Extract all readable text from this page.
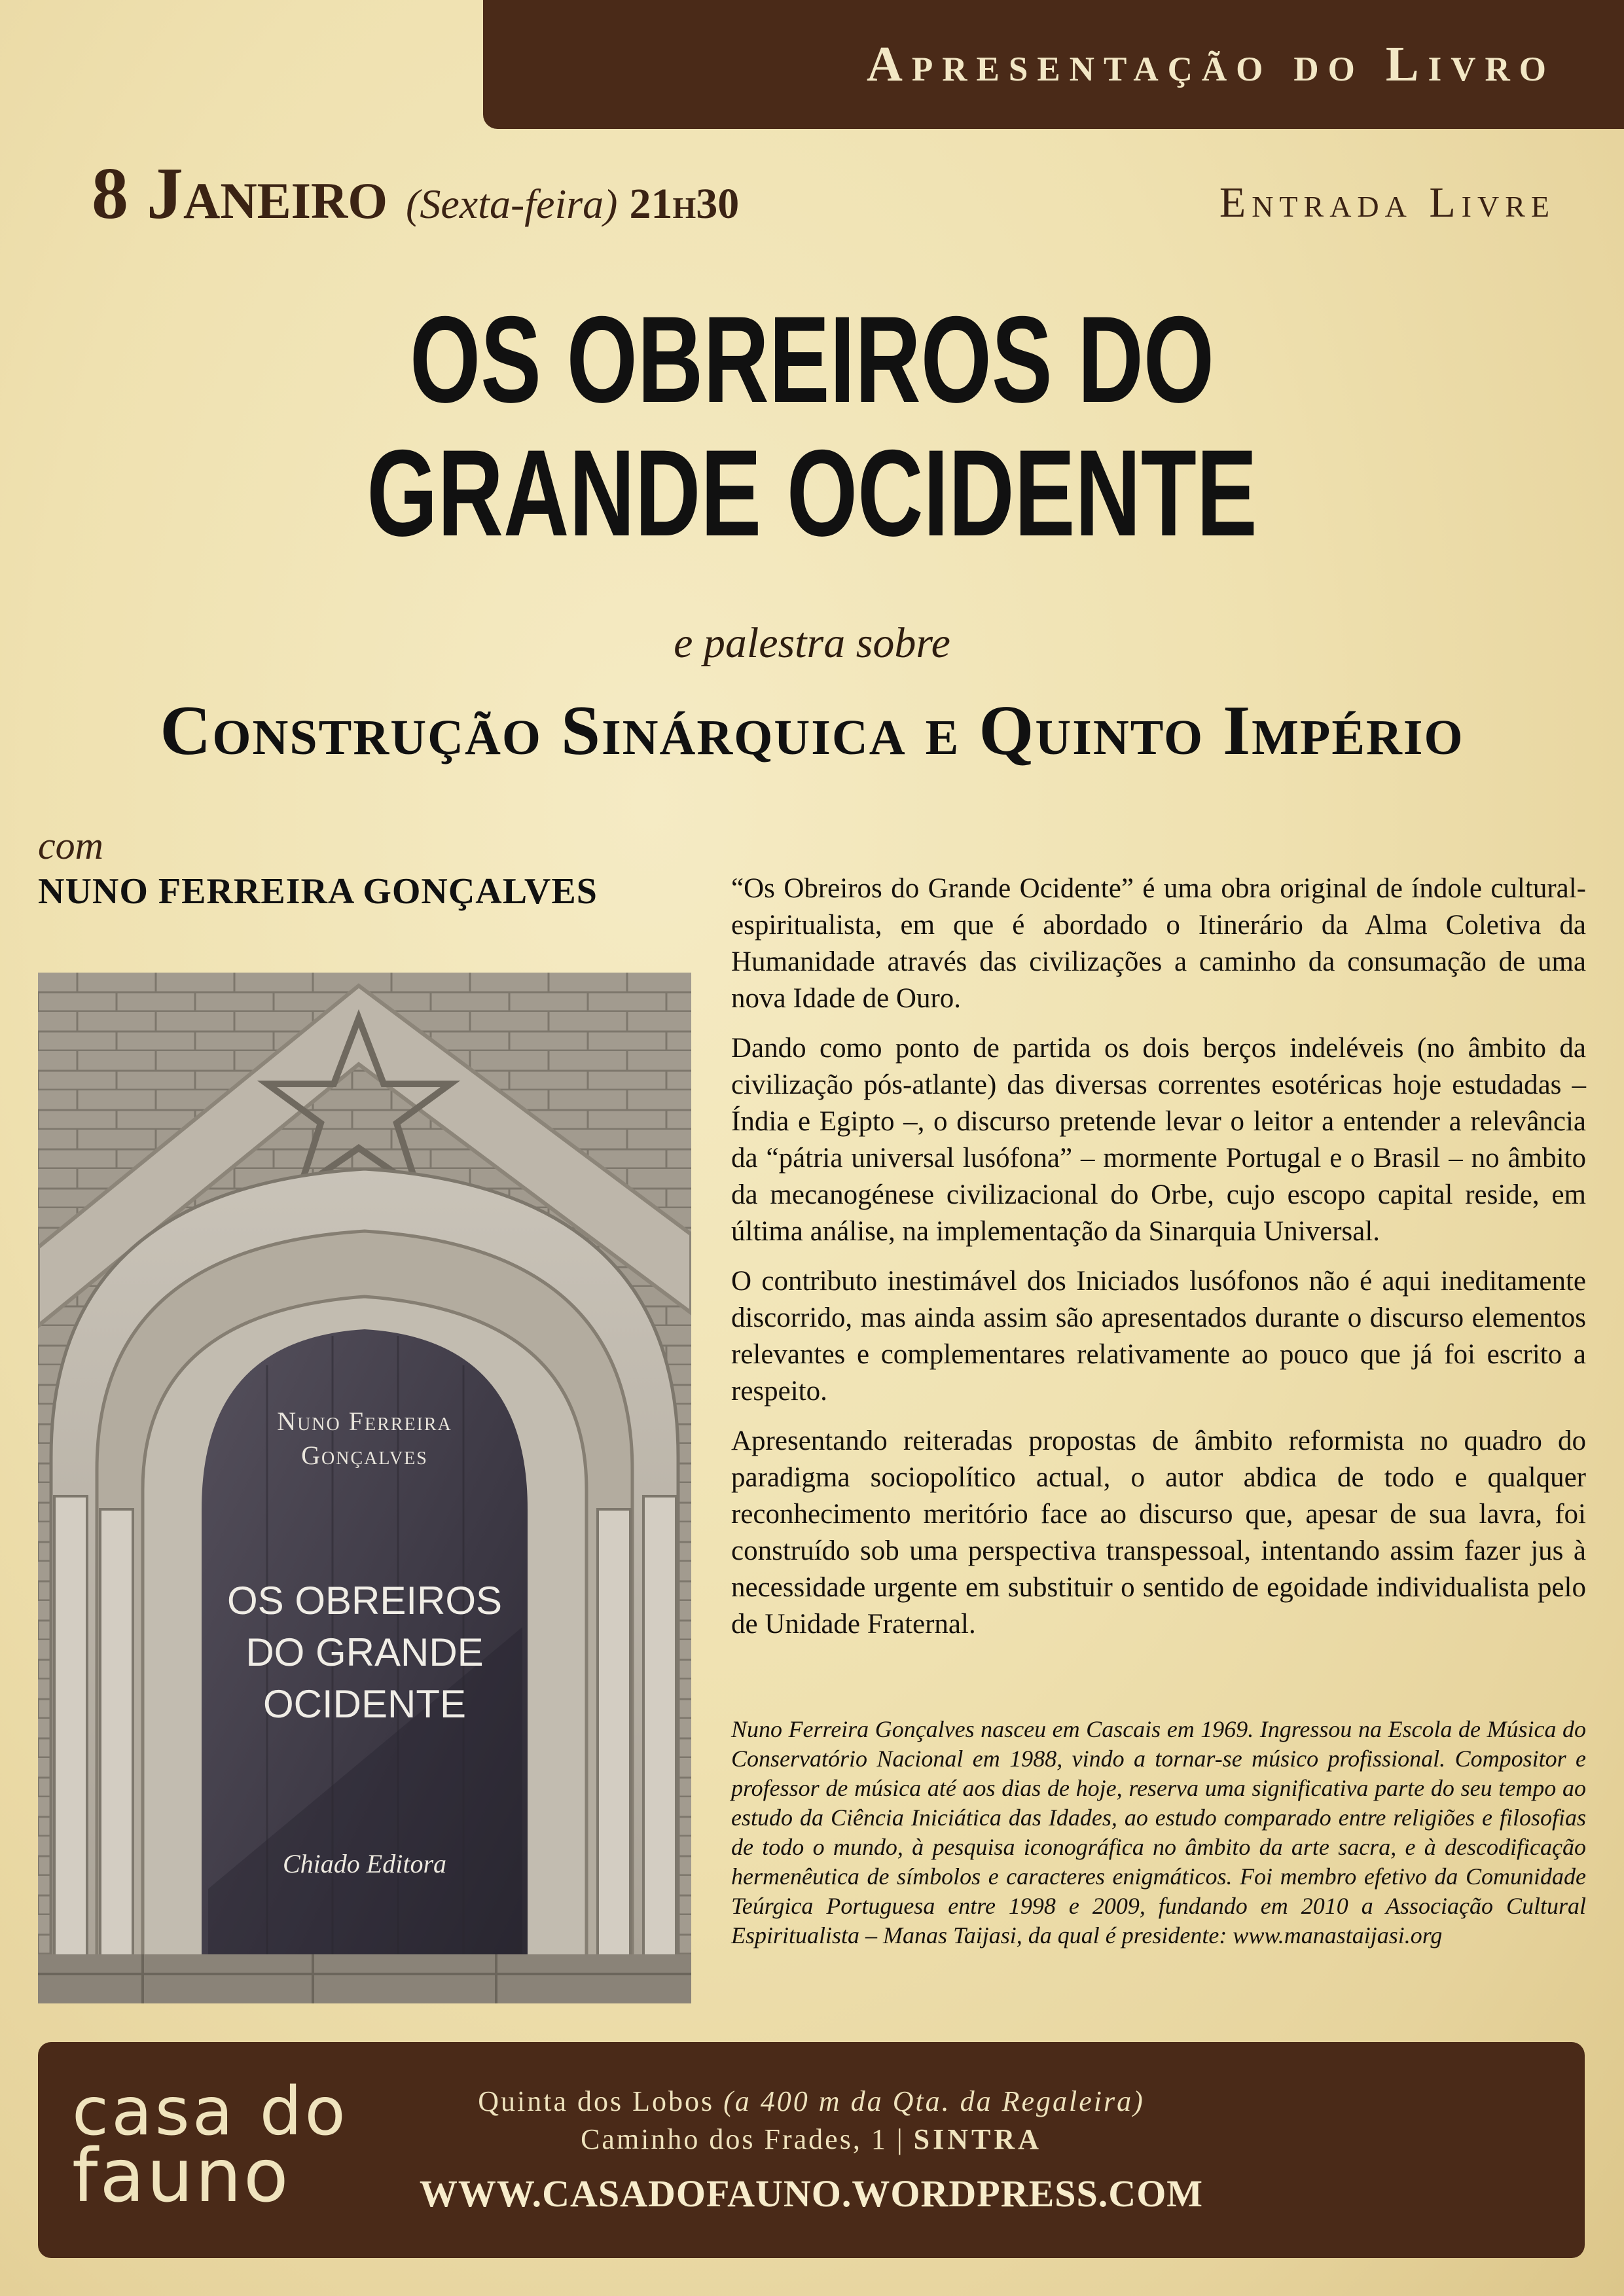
Apresentação do Livro
8 Janeiro (Sexta-feira) 21h30	Entrada Livre
OS OBREIROS DO
GRANDE OCIDENTE
e palestra sobre
Construção Sinárquica e Quinto Império
com
NUNO FERREIRA GONÇALVES
Nuno Ferreira
Gonçalves
OS OBREIROS
DO GRANDE
OCIDENTE
Chiado Editora

“Os Obreiros do Grande Ocidente” é uma obra original de índole cultural-espiritualista, em que é abordado o Itinerário da Alma Coletiva da Humanidade através das civilizações a caminho da consumação de uma nova Idade de Ouro.

Dando como ponto de partida os dois berços indeléveis (no âmbito da civilização pós-atlante) das diversas correntes esotéricas hoje estudadas – Índia e Egipto –, o discurso pretende levar o leitor a entender a relevância da “pátria universal lusófona” – mormente Portugal e o Brasil – no âmbito da mecanogénese civilizacional do Orbe, cujo escopo capital reside, em última análise, na implementação da Sinarquia Universal.

O contributo inestimável dos Iniciados lusófonos não é aqui ineditamente discorrido, mas ainda assim são apresentados durante o discurso elementos relevantes e complementares relativamente ao pouco que já foi escrito a respeito.

Apresentando reiteradas propostas de âmbito reformista no quadro do paradigma sociopolítico actual, o autor abdica de todo e qualquer reconhecimento meritório face ao discurso que, apesar de sua lavra, foi construído sob uma perspectiva transpessoal, intentando assim fazer jus à necessidade urgente em substituir o sentido de egoidade individualista pelo de Unidade Fraternal.

Nuno Ferreira Gonçalves nasceu em Cascais em 1969. Ingressou na Escola de Música do Conservatório Nacional em 1988, vindo a tornar-se músico profissional. Compositor e professor de música até aos dias de hoje, reserva uma significativa parte do seu tempo ao estudo da Ciência Iniciática das Idades, ao estudo comparado entre religiões e filosofias de todo o mundo, à pesquisa iconográfica no âmbito da arte sacra, e à descodificação hermenêutica de símbolos e caracteres enigmáticos. Foi membro efetivo da Comunidade Teúrgica Portuguesa entre 1998 e 2009, fundando em 2010 a Associação Cultural Espiritualista – Manas Taijasi, da qual é presidente: www.manastaijasi.org
casa do
fauno
Quinta dos Lobos (a 400 m da Qta. da Regaleira)
Caminho dos Frades, 1 | SINTRA
WWW.CASADOFAUNO.WORDPRESS.COM
